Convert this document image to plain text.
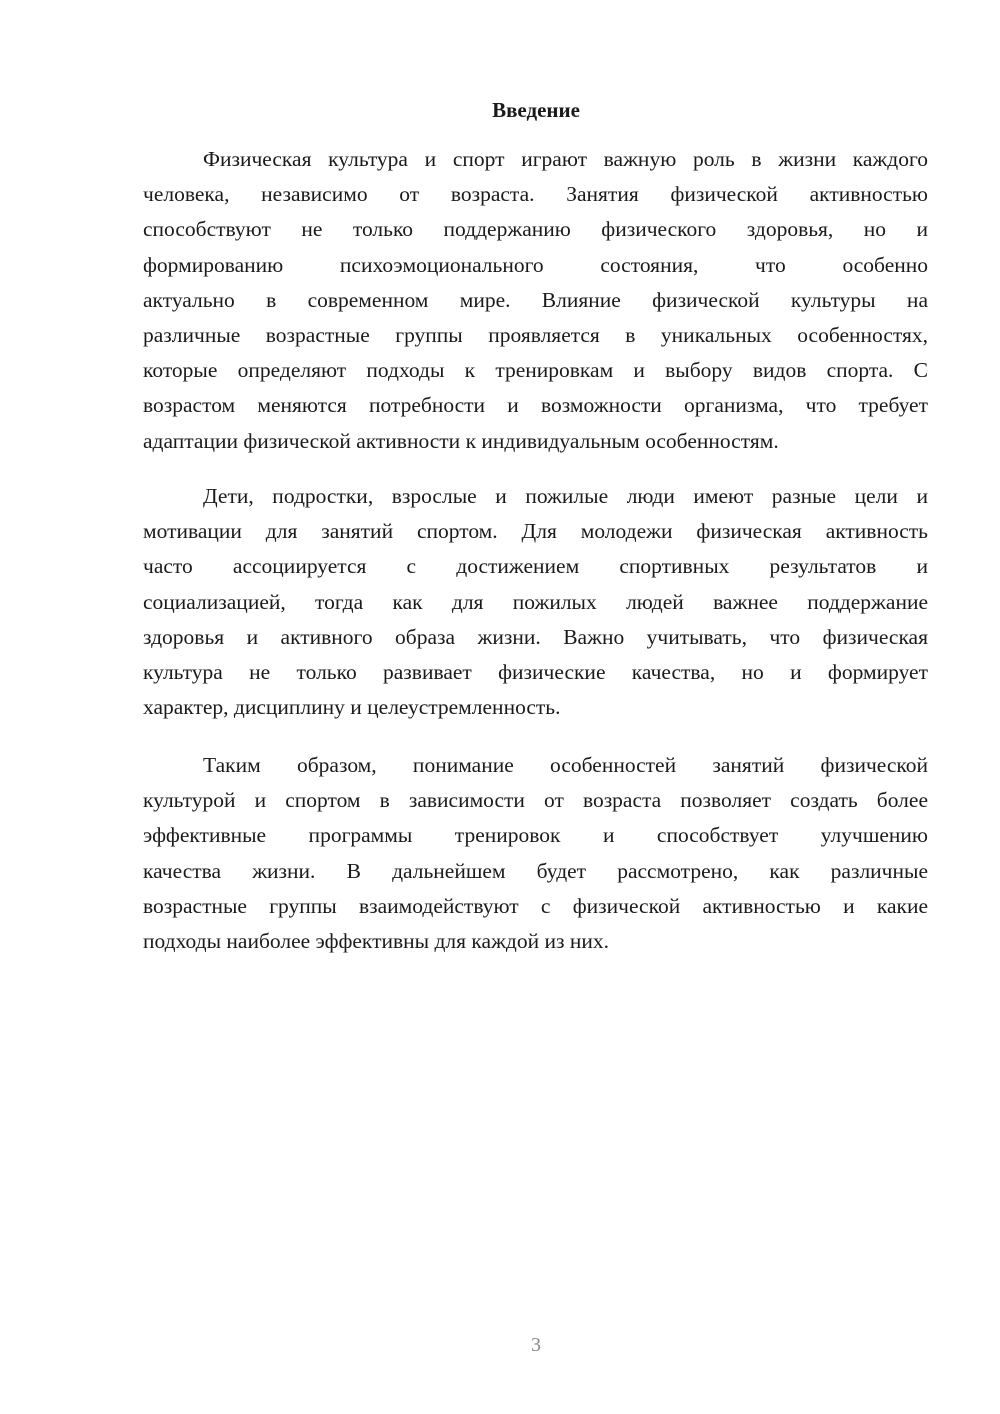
Введение
Физическая культура и спорт играют важную роль в жизни каждого
человека, независимо от возраста. Занятия физической активностью
способствуют не только поддержанию физического здоровья, но и
формированию психоэмоционального состояния, что особенно
актуально в современном мире. Влияние физической культуры на
различные возрастные группы проявляется в уникальных особенностях,
которые определяют подходы к тренировкам и выбору видов спорта. С
возрастом меняются потребности и возможности организма, что требует
адаптации физической активности к индивидуальным особенностям.
Дети, подростки, взрослые и пожилые люди имеют разные цели и
мотивации для занятий спортом. Для молодежи физическая активность
часто ассоциируется с достижением спортивных результатов и
социализацией, тогда как для пожилых людей важнее поддержание
здоровья и активного образа жизни. Важно учитывать, что физическая
культура не только развивает физические качества, но и формирует
характер, дисциплину и целеустремленность.
Таким образом, понимание особенностей занятий физической
культурой и спортом в зависимости от возраста позволяет создать более
эффективные программы тренировок и способствует улучшению
качества жизни. В дальнейшем будет рассмотрено, как различные
возрастные группы взаимодействуют с физической активностью и какие
подходы наиболее эффективны для каждой из них.
3
